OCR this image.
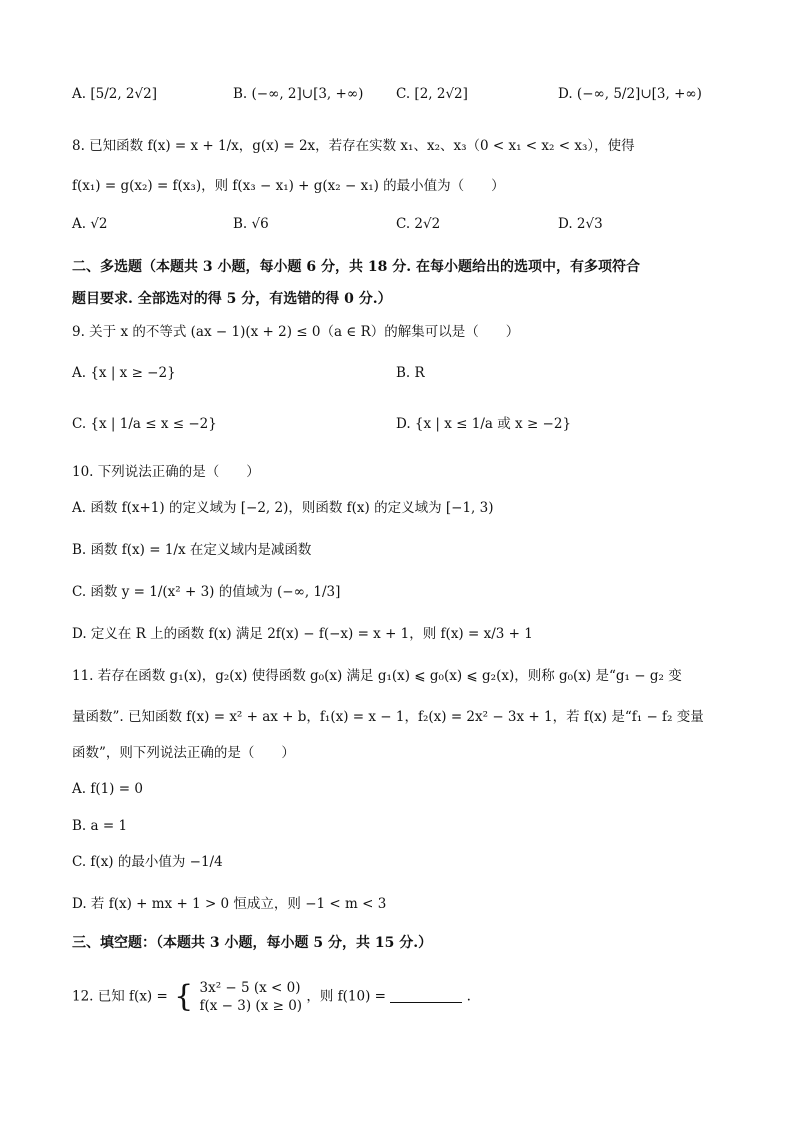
A. [5/2, 2√2]	B. (−∞, 2]∪[3, +∞) C. [2, 2√2]	D. (−∞, 5/2]∪[3, +∞)
8. 已知函数 f(x) = x + 1/x，g(x) = 2x，若存在实数 x₁、x₂、x₃（0 < x₁ < x₂ < x₃），使得
f(x₁) = g(x₂) = f(x₃)，则 f(x₃ − x₁) + g(x₂ − x₁) 的最小值为（　　）
A. √2	B. √6	C. 2√2	D. 2√3
二、多选题（本题共 3 小题，每小题 6 分，共 18 分. 在每小题给出的选项中，有多项符合
题目要求. 全部选对的得 5 分，有选错的得 0 分.）
9. 关于 x 的不等式 (ax − 1)(x + 2) ≤ 0（a ∈ R）的解集可以是（　　）
A. {x | x ≥ −2}	B. R
C. {x | 1/a ≤ x ≤ −2}	D. {x | x ≤ 1/a 或 x ≥ −2}
10. 下列说法正确的是（　　）
A. 函数 f(x+1) 的定义域为 [−2, 2)，则函数 f(x) 的定义域为 [−1, 3)
B. 函数 f(x) = 1/x 在定义域内是减函数
C. 函数 y = 1/(x² + 3) 的值域为 (−∞, 1/3]
D. 定义在 R 上的函数 f(x) 满足 2f(x) − f(−x) = x + 1，则 f(x) = x/3 + 1
11. 若存在函数 g₁(x)，g₂(x) 使得函数 g₀(x) 满足 g₁(x) ⩽ g₀(x) ⩽ g₂(x)，则称 g₀(x) 是“g₁ − g₂ 变
量函数”. 已知函数 f(x) = x² + ax + b，f₁(x) = x − 1，f₂(x) = 2x² − 3x + 1，若 f(x) 是“f₁ − f₂ 变量
函数”，则下列说法正确的是（　　）
A. f(1) = 0
B. a = 1
C. f(x) 的最小值为 −1/4
D. 若 f(x) + mx + 1 > 0 恒成立，则 −1 < m < 3
三、填空题：（本题共 3 小题，每小题 5 分，共 15 分.）
12. 已知 f(x) = { 3x² − 5 (x < 0)
f(x − 3) (x ≥ 0)
，则 f(10) =	.
